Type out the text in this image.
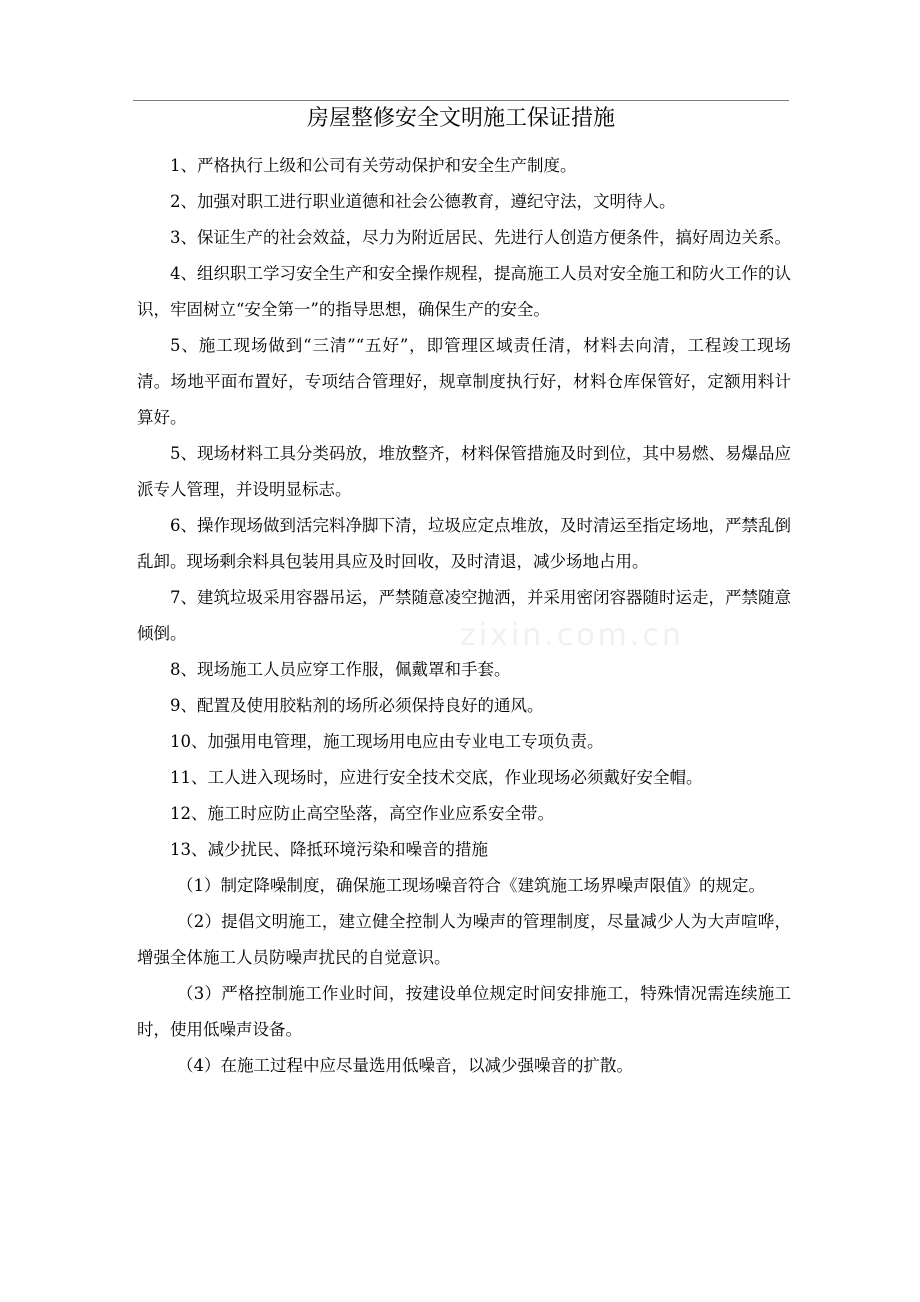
房屋整修安全文明施工保证措施
zixin.com.cn

1、严格执行上级和公司有关劳动保护和安全生产制度。

2、加强对职工进行职业道德和社会公德教育，遵纪守法，文明待人。

3、保证生产的社会效益，尽力为附近居民、先进行人创造方便条件，搞好周边关系。

4、组织职工学习安全生产和安全操作规程，提高施工人员对安全施工和防火工作的认识，牢固树立“安全第一”的指导思想，确保生产的安全。

5、施工现场做到“三清”“五好”，即管理区域责任清，材料去向清，工程竣工现场清。场地平面布置好，专项结合管理好，规章制度执行好，材料仓库保管好，定额用料计算好。

5、现场材料工具分类码放，堆放整齐，材料保管措施及时到位，其中易燃、易爆品应派专人管理，并设明显标志。

6、操作现场做到活完料净脚下清，垃圾应定点堆放，及时清运至指定场地，严禁乱倒乱卸。现场剩余料具包装用具应及时回收，及时清退，减少场地占用。

7、建筑垃圾采用容器吊运，严禁随意凌空抛洒，并采用密闭容器随时运走，严禁随意倾倒。

8、现场施工人员应穿工作服，佩戴罩和手套。

9、配置及使用胶粘剂的场所必须保持良好的通风。

10、加强用电管理，施工现场用电应由专业电工专项负责。

11、工人进入现场时，应进行安全技术交底，作业现场必须戴好安全帽。

12、施工时应防止高空坠落，高空作业应系安全带。

13、减少扰民、降抵环境污染和噪音的措施

（1）制定降噪制度，确保施工现场噪音符合《建筑施工场界噪声限值》的规定。

（2）提倡文明施工，建立健全控制人为噪声的管理制度，尽量减少人为大声喧哗，增强全体施工人员防噪声扰民的自觉意识。

（3）严格控制施工作业时间，按建设单位规定时间安排施工，特殊情况需连续施工时，使用低噪声设备。

（4）在施工过程中应尽量选用低噪音，以减少强噪音的扩散。
